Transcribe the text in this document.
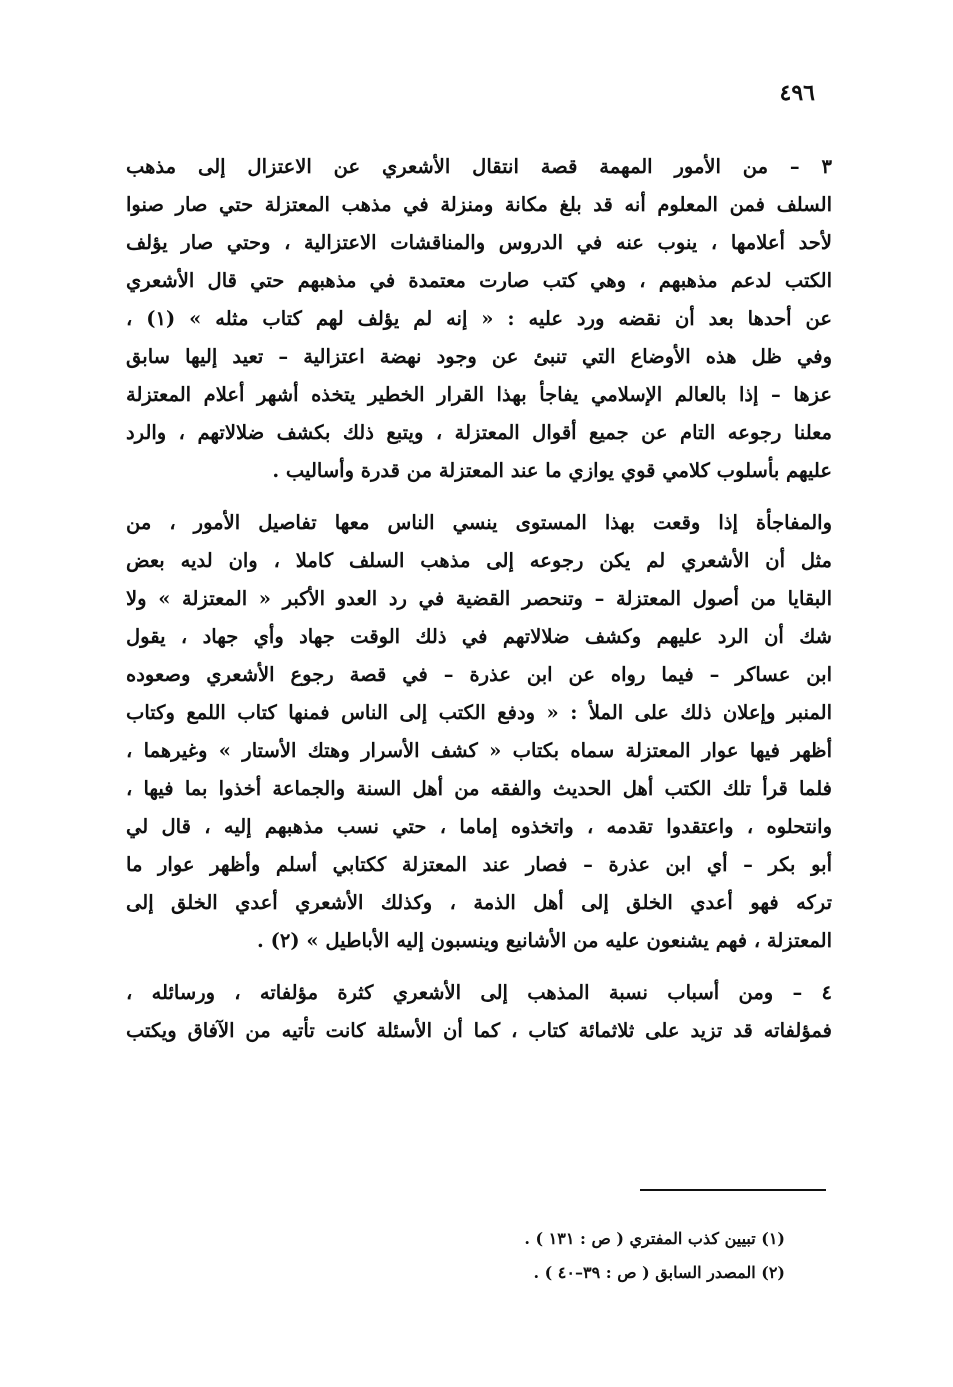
٤٩٦
٣ – من الأمور المهمة قصة انتقال الأشعري عن الاعتزال إلى مذهب
السلف فمن المعلوم أنه قد بلغ مكانة ومنزلة في مذهب المعتزلة حتي صار صنوا
لأحد أعلامها ، ينوب عنه في الدروس والمناقشات الاعتزالية ، وحتي صار يؤلف
الكتب لدعم مذهبهم ، وهي كتب صارت معتمدة في مذهبهم حتي قال الأشعري
عن أحدها بعد أن نقضه ورد عليه : « إنه لم يؤلف لهم كتاب مثله » (١) ،
وفي ظل هذه الأوضاع التي تنبئ عن وجود نهضة اعتزالية – تعيد إليها سابق
عزها – إذا بالعالم الإسلامي يفاجأ بهذا القرار الخطير يتخذه أشهر أعلام المعتزلة
معلنا رجوعه التام عن جميع أقوال المعتزلة ، ويتبع ذلك بكشف ضلالاتهم ، والرد
عليهم بأسلوب كلامي قوي يوازي ما عند المعتزلة من قدرة وأساليب .
والمفاجأة إذا وقعت بهذا المستوى ينسي الناس معها تفاصيل الأمور ، من
مثل أن الأشعري لم يكن رجوعه إلى مذهب السلف كاملا ، وان لديه بعض
البقايا من أصول المعتزلة – وتنحصر القضية في رد العدو الأكبر « المعتزلة » ولا
شك أن الرد عليهم وكشف ضلالاتهم في ذلك الوقت جهاد وأي جهاد ، يقول
ابن عساكر – فيما رواه عن ابن عذرة – في قصة رجوع الأشعري وصعوده
المنبر وإعلان ذلك على الملأ : « ودفع الكتب إلى الناس فمنها كتاب اللمع وكتاب
أظهر فيها عوار المعتزلة سماه بكتاب « كشف الأسرار وهتك الأستار » وغيرهما ،
فلما قرأ تلك الكتب أهل الحديث والفقه من أهل السنة والجماعة أخذوا بما فيها ،
وانتحلوه ، واعتقدوا تقدمه ، واتخذوه إماما ، حتي نسب مذهبهم إليه ، قال لي
أبو بكر – أي ابن عذرة – فصار عند المعتزلة ككتابي أسلم وأظهر عوار ما
تركه فهو أعدي الخلق إلى أهل الذمة ، وكذلك الأشعري أعدي الخلق إلى
المعتزلة ، فهم يشنعون عليه من الأشانيع وينسبون إليه الأباطيل » (٢) .
٤ – ومن أسباب نسبة المذهب إلى الأشعري كثرة مؤلفاته ، ورسائله ،
فمؤلفاته قد تزيد على ثلاثمائة كتاب ، كما أن الأسئلة كانت تأتيه من الآفاق ويكتب
(١) تبيين كذب المفتري ( ص : ١٣١ ) .
(٢) المصدر السابق ( ص : ٣٩–٤٠ ) .
